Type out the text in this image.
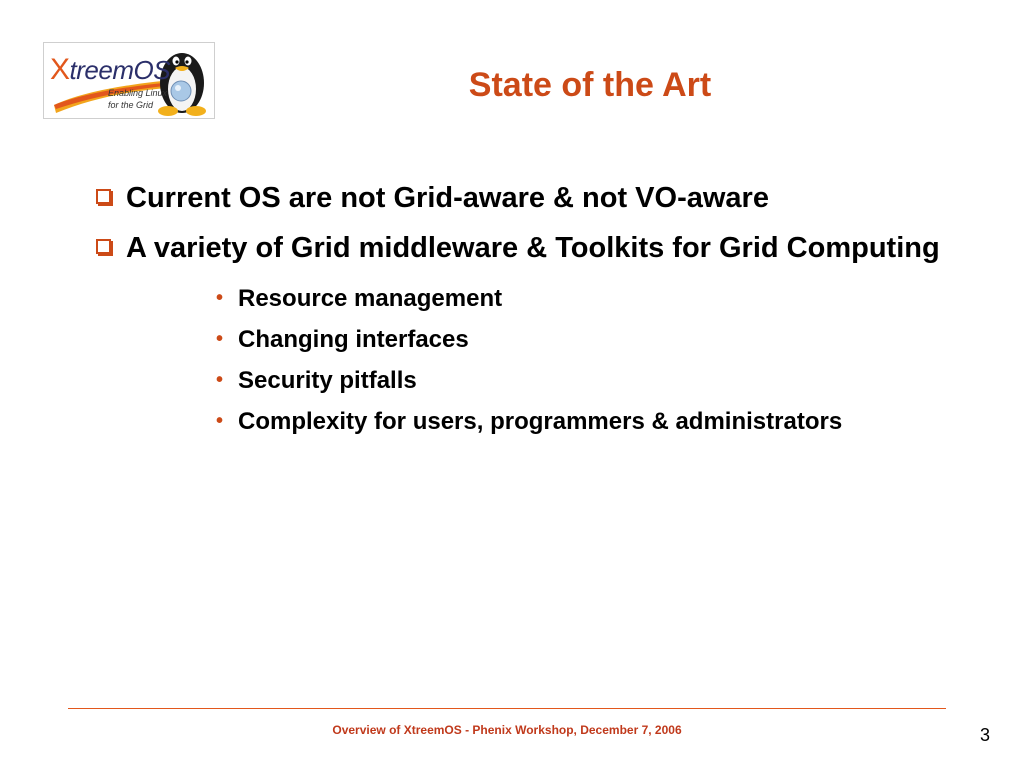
XtreemOS
Enabling Linux
for the Grid
State of the Art
Current OS are not Grid-aware & not VO-aware
A variety of Grid middleware & Toolkits for Grid Computing
• Resource management
• Changing interfaces
• Security pitfalls
• Complexity for users, programmers & administrators
Overview of XtreemOS - Phenix Workshop, December 7, 2006	3
